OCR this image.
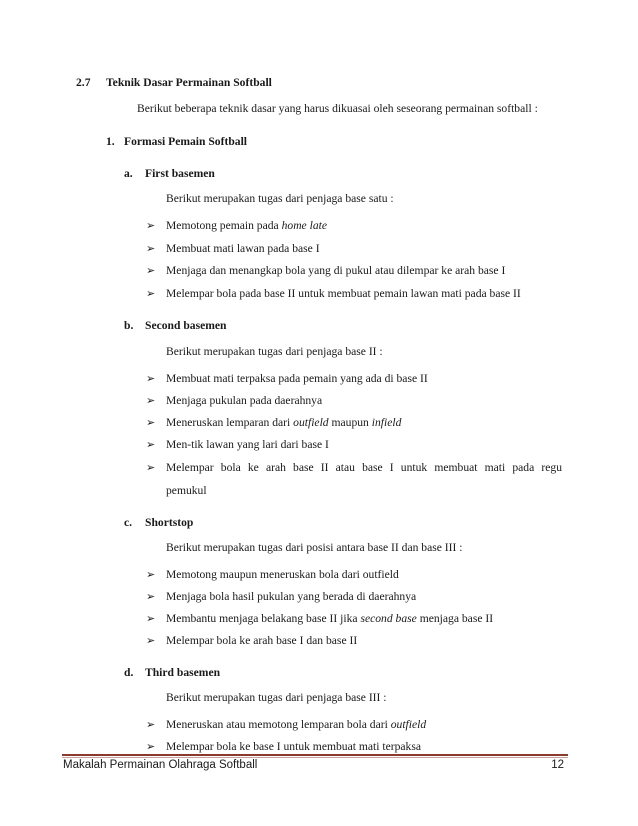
2.7 Teknik Dasar Permainan Softball
Berikut beberapa teknik dasar yang harus dikuasai oleh seseorang permainan softball :
1. Formasi Pemain Softball
a. First basemen
Berikut merupakan tugas dari penjaga base satu :
➢ Memotong pemain pada home late
➢ Membuat mati lawan pada base I
➢ Menjaga dan menangkap bola yang di pukul atau dilempar ke arah base I
➢ Melempar bola pada base II untuk membuat pemain lawan mati pada base II
b. Second basemen
Berikut merupakan tugas dari penjaga base II :
➢ Membuat mati terpaksa pada pemain yang ada di base II
➢ Menjaga pukulan pada daerahnya
➢ Meneruskan lemparan dari outfield maupun infield
➢ Men-tik lawan yang lari dari base I
➢ Melempar bola ke arah base II atau base I untuk membuat mati pada regu
pemukul
c. Shortstop
Berikut merupakan tugas dari posisi antara base II dan base III :
➢ Memotong maupun meneruskan bola dari outfield
➢ Menjaga bola hasil pukulan yang berada di daerahnya
➢ Membantu menjaga belakang base II jika second base menjaga base II
➢ Melempar bola ke arah base I dan base II
d. Third basemen
Berikut merupakan tugas dari penjaga base III :
➢ Meneruskan atau memotong lemparan bola dari outfield
➢ Melempar bola ke base I untuk membuat mati terpaksa
Makalah Permainan Olahraga Softball	12
